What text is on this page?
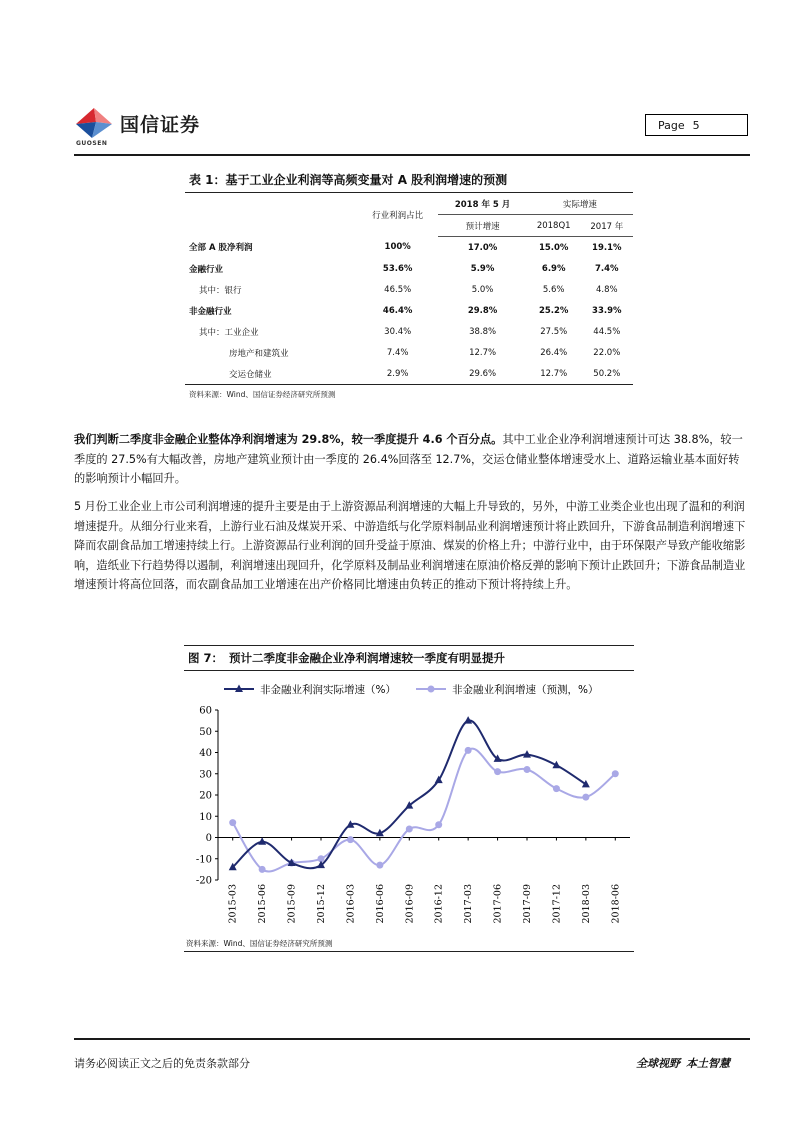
国信证券
GUOSEN
Page 5
表 1：基于工业企业利润等高频变量对 A 股利润增速的预测
	行业利润占比	2018 年 5 月	实际增速	
		预计增速	2018Q1	2017 年
全部 A 股净利润	100%	17.0%	15.0%	19.1%
金融行业	53.6%	5.9%	6.9%	7.4%
其中：银行	46.5%	5.0%	5.6%	4.8%
非金融行业	46.4%	29.8%	25.2%	33.9%
其中：工业企业	30.4%	38.8%	27.5%	44.5%
房地产和建筑业	7.4%	12.7%	26.4%	22.0%
交运仓储业	2.9%	29.6%	12.7%	50.2%
资料来源：Wind、国信证券经济研究所预测
我们判断二季度非金融企业整体净利润增速为 29.8%，较一季度提升 4.6 个百分点。其中工业企业净利润增速预计可达 38.8%，较一季度的 27.5%有大幅改善，房地产建筑业预计由一季度的 26.4%回落至 12.7%，交运仓储业整体增速受水上、道路运输业基本面好转的影响预计小幅回升。
5 月份工业企业上市公司利润增速的提升主要是由于上游资源品利润增速的大幅上升导致的，另外，中游工业类企业也出现了温和的利润增速提升。从细分行业来看，上游行业石油及煤炭开采、中游造纸与化学原料制品业利润增速预计将止跌回升，下游食品制造利润增速下降而农副食品加工增速持续上行。上游资源品行业利润的回升受益于原油、煤炭的价格上升；中游行业中，由于环保限产导致产能收缩影响，造纸业下行趋势得以遏制，利润增速出现回升，化学原料及制品业利润增速在原油价格反弹的影响下预计止跌回升；下游食品制造业增速预计将高位回落，而农副食品加工业增速在出产价格同比增速由负转正的推动下预计将持续上升。
图 7： 预计二季度非金融企业净利润增速较一季度有明显提升
60
50
40
30
20
10
0
-10
-20
2015-03 2015-06 2015-09 2015-12 2016-03 2016-06 2016-09 2016-12 2017-03 2017-06 2017-09 2017-12 2018-03 2018-06
非金融业利润实际增速（%）	非金融业利润增速（预测，%）
资料来源：Wind、国信证券经济研究所预测
请务必阅读正文之后的免责条款部分	全球视野 本土智慧
